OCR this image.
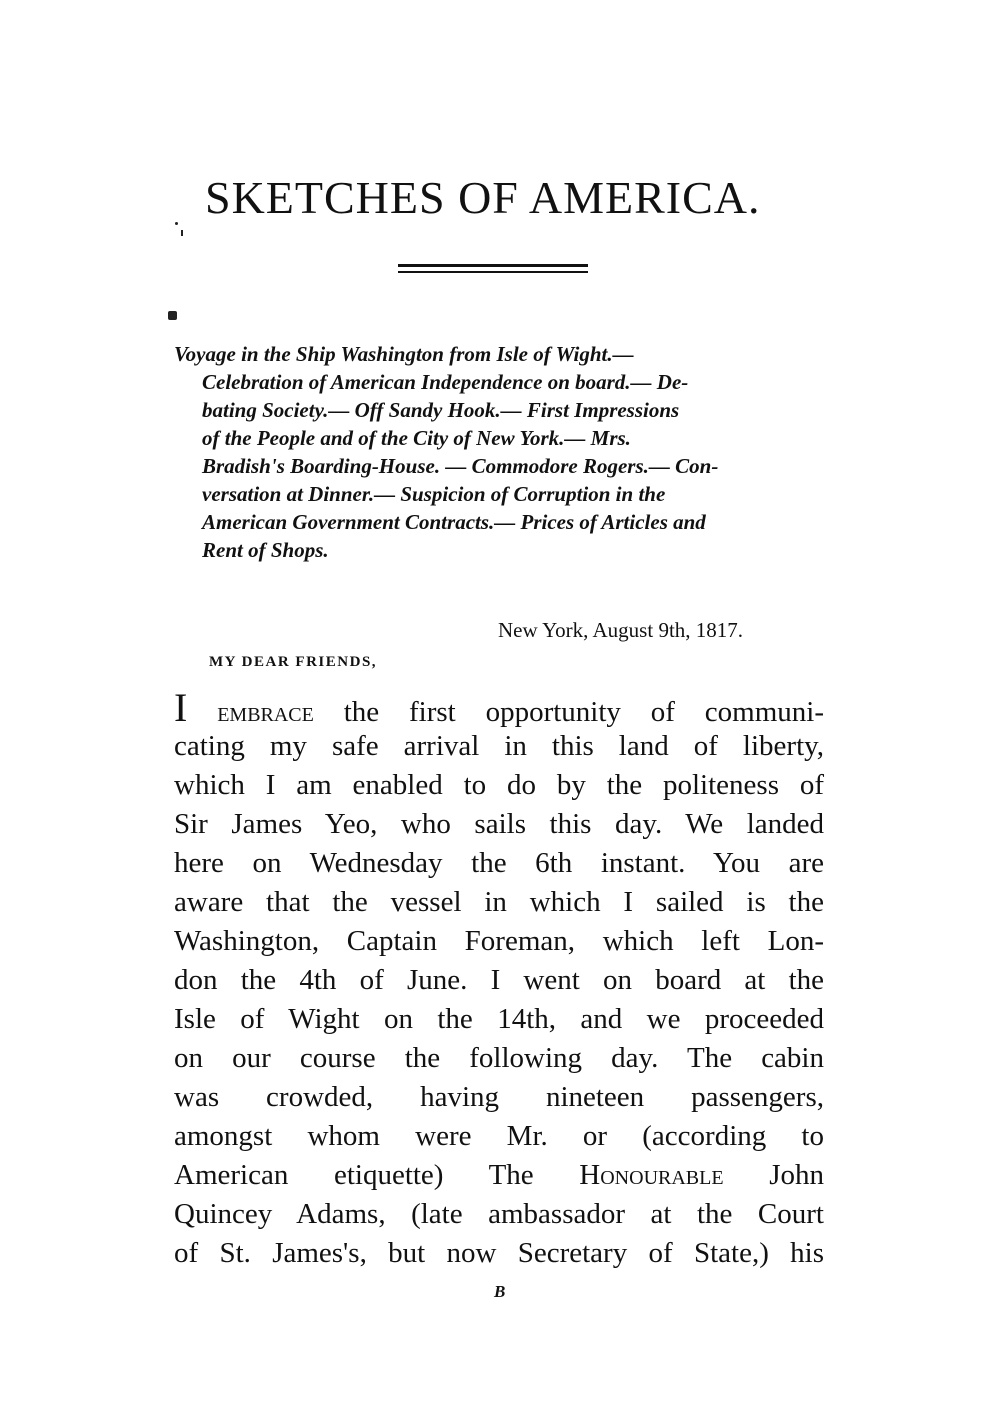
SKETCHES OF AMERICA.
Voyage in the Ship Washington from Isle of Wight.—
Celebration of American Independence on board.— De-
bating Society.— Off Sandy Hook.— First Impressions
of the People and of the City of New York.— Mrs.
Bradish's Boarding-House. — Commodore Rogers.— Con-
versation at Dinner.— Suspicion of Corruption in the
American Government Contracts.— Prices of Articles and
Rent of Shops.
New York, August 9th, 1817.
MY DEAR FRIENDS,
I embrace the first opportunity of communi-
cating my safe arrival in this land of liberty,
which I am enabled to do by the politeness of
Sir James Yeo, who sails this day. We landed
here on Wednesday the 6th instant. You are
aware that the vessel in which I sailed is the
Washington, Captain Foreman, which left Lon-
don the 4th of June. I went on board at the
Isle of Wight on the 14th, and we proceeded
on our course the following day. The cabin
was crowded, having nineteen passengers,
amongst whom were Mr. or (according to
American etiquette) The Honourable John
Quincey Adams, (late ambassador at the Court
of St. James's, but now Secretary of State,) his
B
